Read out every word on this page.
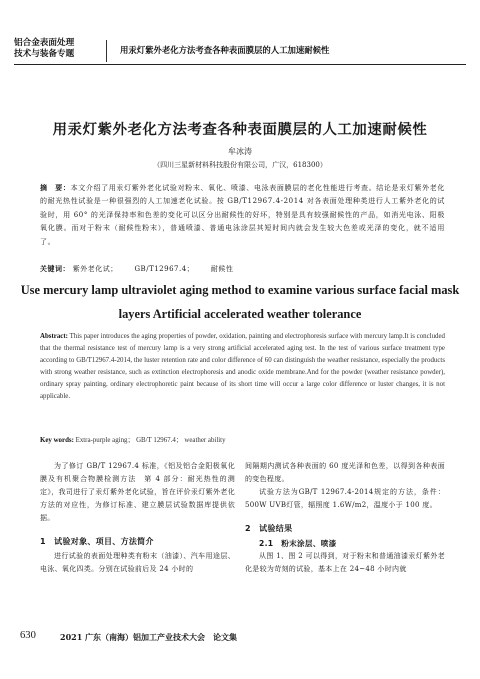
铝合金表面处理
技术与装备专题	用汞灯紫外老化方法考查各种表面膜层的人工加速耐候性
用汞灯紫外老化方法考查各种表面膜层的人工加速耐候性
牟冰涛
（四川三星新材料科技股份有限公司，广汉，618300）
摘　要：本文介绍了用汞灯紫外老化试验对粉末、氧化、喷漆、电泳表面膜层的老化性能进行考查。结论是汞灯紫外老化的耐光热性试验是一种很强烈的人工加速老化试验。按 GB/T12967.4-2014 对各表面处理种类进行人工紫外老化的试验时，用 60° 的光泽保持率和色差的变化可以区分出耐候性的好坏，特别是具有较强耐候性的产品，如消光电泳、阳极氧化膜。而对于粉末（耐候性粉末），普通喷漆、普通电泳涂层其短时间内就会发生较大色差或光泽的变化，就不适用了。
关键词： 紫外老化试； GB/T12967.4； 耐候性
Use mercury lamp ultraviolet aging method to examine various surface facial mask
layers Artificial accelerated weather tolerance
Abstract: This paper introduces the aging properties of powder, oxidation, painting and electrophoresis surface with mercury lamp.It is concluded that the thermal resistance test of mercury lamp is a very strong artificial accelerated aging test. In the test of various surface treatment type according to GB/T12967.4-2014, the luster retention rate and color difference of 60 can distinguish the weather resistance, especially the products with strong weather resistance, such as extinction electrophoresis and anodic oxide membrane.And for the powder (weather resistance powder), ordinary spray painting, ordinary electrophoretic paint because of its short time will occur a large color difference or luster changes, it is not applicable.
Key words: Extra-purple aging； GB/T 12967.4； weather ability

为了修订 GB/T 12967.4 标准，《铝及铝合金阳极氧化膜及有机聚合物膜检测方法　第 4 部分：耐光热性的测定》，我司进行了汞灯紫外老化试验，旨在评价汞灯紫外老化方法的对应性，为修订标准、建立膜层试验数据库提供依据。

1　试验对象、项目、方法简介

进行试验的表面处理种类有粉末（油漆）、汽车用途层、电泳、氧化四类。分别在试验前后及 24 小时的

间隔期内测试各种表面的 60 度光泽和色差，以得到各种表面的变色程度。

试验方法为GB/T 12967.4-2014规定的方法，条件：500W UVB灯管，辐照度 1.6W/m2，温度小于 100 度。

2　试验结果
2.1　粉末涂层、喷漆

从图 1、图 2 可以得到，对于粉末和普通油漆汞灯紫外老化是较为苛刻的试验，基本上在 24~48 小时内就

630	2021 广东（南海）铝加工产业技术大会　论文集
